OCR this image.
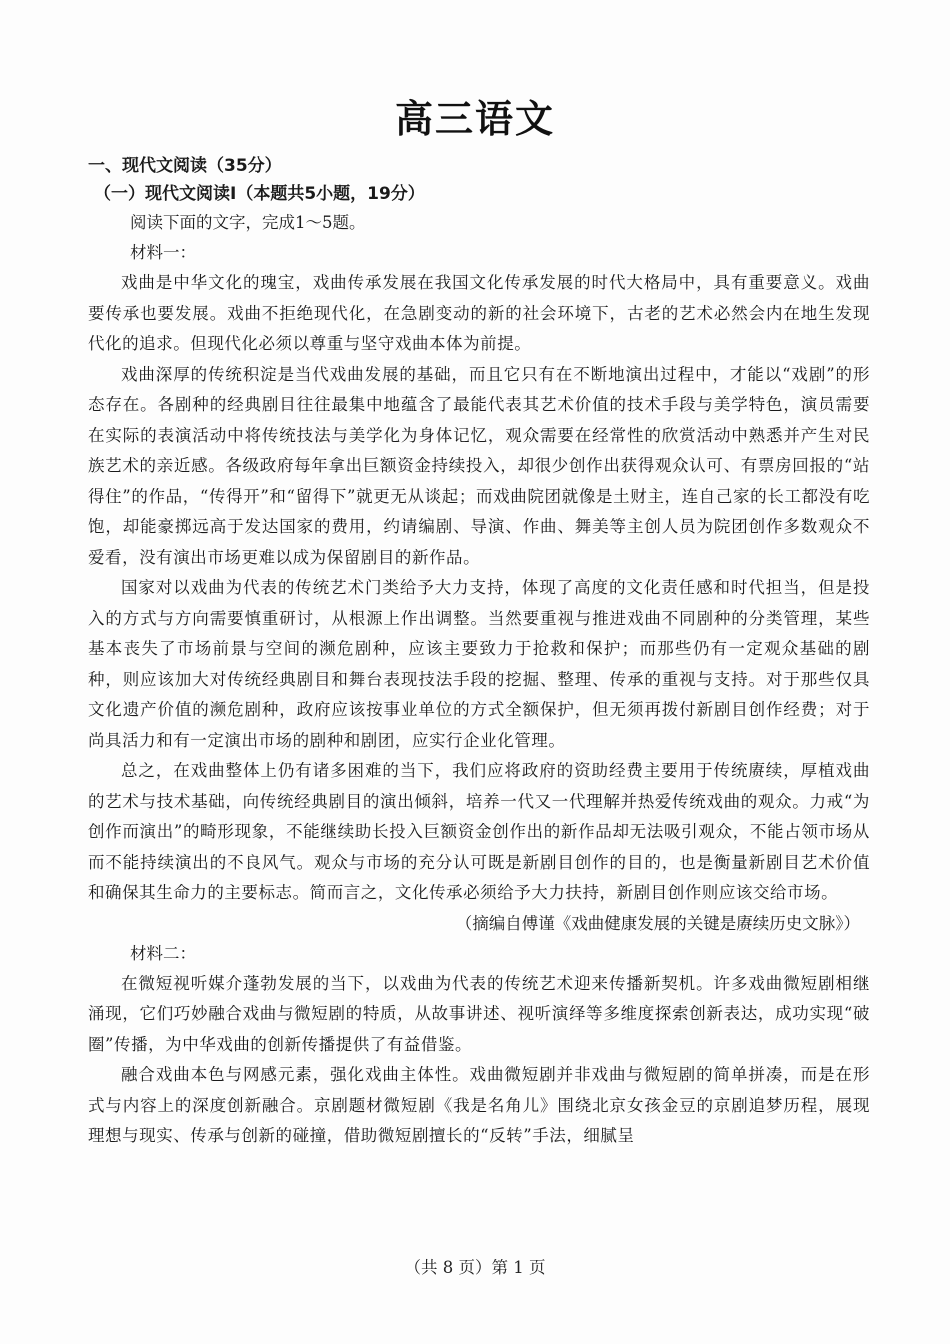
高三语文
一、现代文阅读（35分）
（一）现代文阅读Ⅰ（本题共5小题，19分）
阅读下面的文字，完成1～5题。
材料一：

戏曲是中华文化的瑰宝，戏曲传承发展在我国文化传承发展的时代大格局中，具有重要意义。戏曲要传承也要发展。戏曲不拒绝现代化，在急剧变动的新的社会环境下，古老的艺术必然会内在地生发现代化的追求。但现代化必须以尊重与坚守戏曲本体为前提。

戏曲深厚的传统积淀是当代戏曲发展的基础，而且它只有在不断地演出过程中，才能以“戏剧”的形态存在。各剧种的经典剧目往往最集中地蕴含了最能代表其艺术价值的技术手段与美学特色，演员需要在实际的表演活动中将传统技法与美学化为身体记忆，观众需要在经常性的欣赏活动中熟悉并产生对民族艺术的亲近感。各级政府每年拿出巨额资金持续投入，却很少创作出获得观众认可、有票房回报的“站得住”的作品，“传得开”和“留得下”就更无从谈起；而戏曲院团就像是土财主，连自己家的长工都没有吃饱，却能豪掷远高于发达国家的费用，约请编剧、导演、作曲、舞美等主创人员为院团创作多数观众不爱看，没有演出市场更难以成为保留剧目的新作品。

国家对以戏曲为代表的传统艺术门类给予大力支持，体现了高度的文化责任感和时代担当，但是投入的方式与方向需要慎重研讨，从根源上作出调整。当然要重视与推进戏曲不同剧种的分类管理，某些基本丧失了市场前景与空间的濒危剧种，应该主要致力于抢救和保护；而那些仍有一定观众基础的剧种，则应该加大对传统经典剧目和舞台表现技法手段的挖掘、整理、传承的重视与支持。对于那些仅具文化遗产价值的濒危剧种，政府应该按事业单位的方式全额保护，但无须再拨付新剧目创作经费；对于尚具活力和有一定演出市场的剧种和剧团，应实行企业化管理。

总之，在戏曲整体上仍有诸多困难的当下，我们应将政府的资助经费主要用于传统赓续，厚植戏曲的艺术与技术基础，向传统经典剧目的演出倾斜，培养一代又一代理解并热爱传统戏曲的观众。力戒“为创作而演出”的畸形现象，不能继续助长投入巨额资金创作出的新作品却无法吸引观众，不能占领市场从而不能持续演出的不良风气。观众与市场的充分认可既是新剧目创作的目的，也是衡量新剧目艺术价值和确保其生命力的主要标志。简而言之，文化传承必须给予大力扶持，新剧目创作则应该交给市场。

（摘编自傅谨《戏曲健康发展的关键是赓续历史文脉》）

材料二：

在微短视听媒介蓬勃发展的当下，以戏曲为代表的传统艺术迎来传播新契机。许多戏曲微短剧相继涌现，它们巧妙融合戏曲与微短剧的特质，从故事讲述、视听演绎等多维度探索创新表达，成功实现“破圈”传播，为中华戏曲的创新传播提供了有益借鉴。

融合戏曲本色与网感元素，强化戏曲主体性。戏曲微短剧并非戏曲与微短剧的简单拼凑，而是在形式与内容上的深度创新融合。京剧题材微短剧《我是名角儿》围绕北京女孩金豆的京剧追梦历程，展现理想与现实、传承与创新的碰撞，借助微短剧擅长的“反转”手法，细腻呈

（共 8 页）第 1 页
